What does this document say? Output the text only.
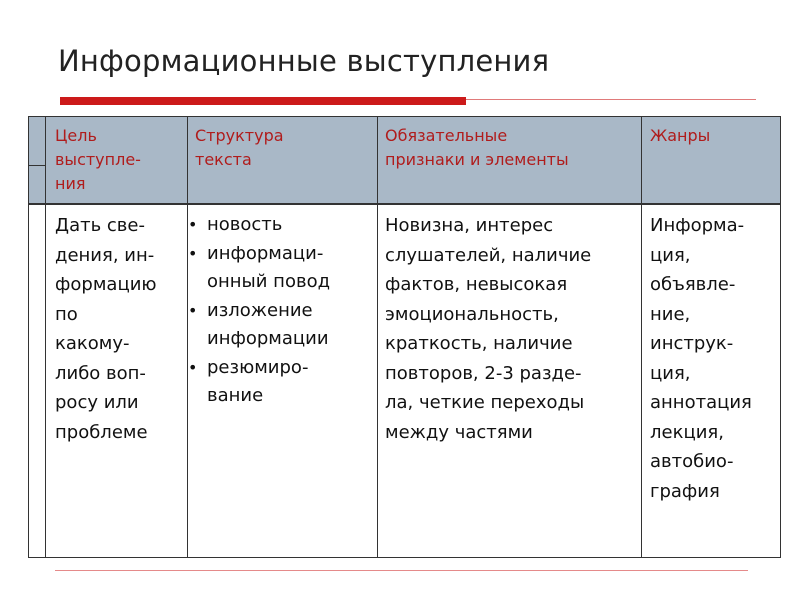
Информационные выступления
Цель
выступле-
ния
Структура
текста
Обязательные
признаки и элементы
Жанры
Дать све-
дения, ин-
формацию
по
какому-
либо воп-
росу или
проблеме
• новость
• информаци-
онный повод
• изложение
информации
• резюмиро-
вание
Новизна, интерес
слушателей, наличие
фактов, невысокая
эмоциональность,
краткость, наличие
повторов, 2-3 разде-
ла, четкие переходы
между частями
Информа-
ция,
объявле-
ние,
инструк-
ция,
аннотация
лекция,
автобио-
графия
